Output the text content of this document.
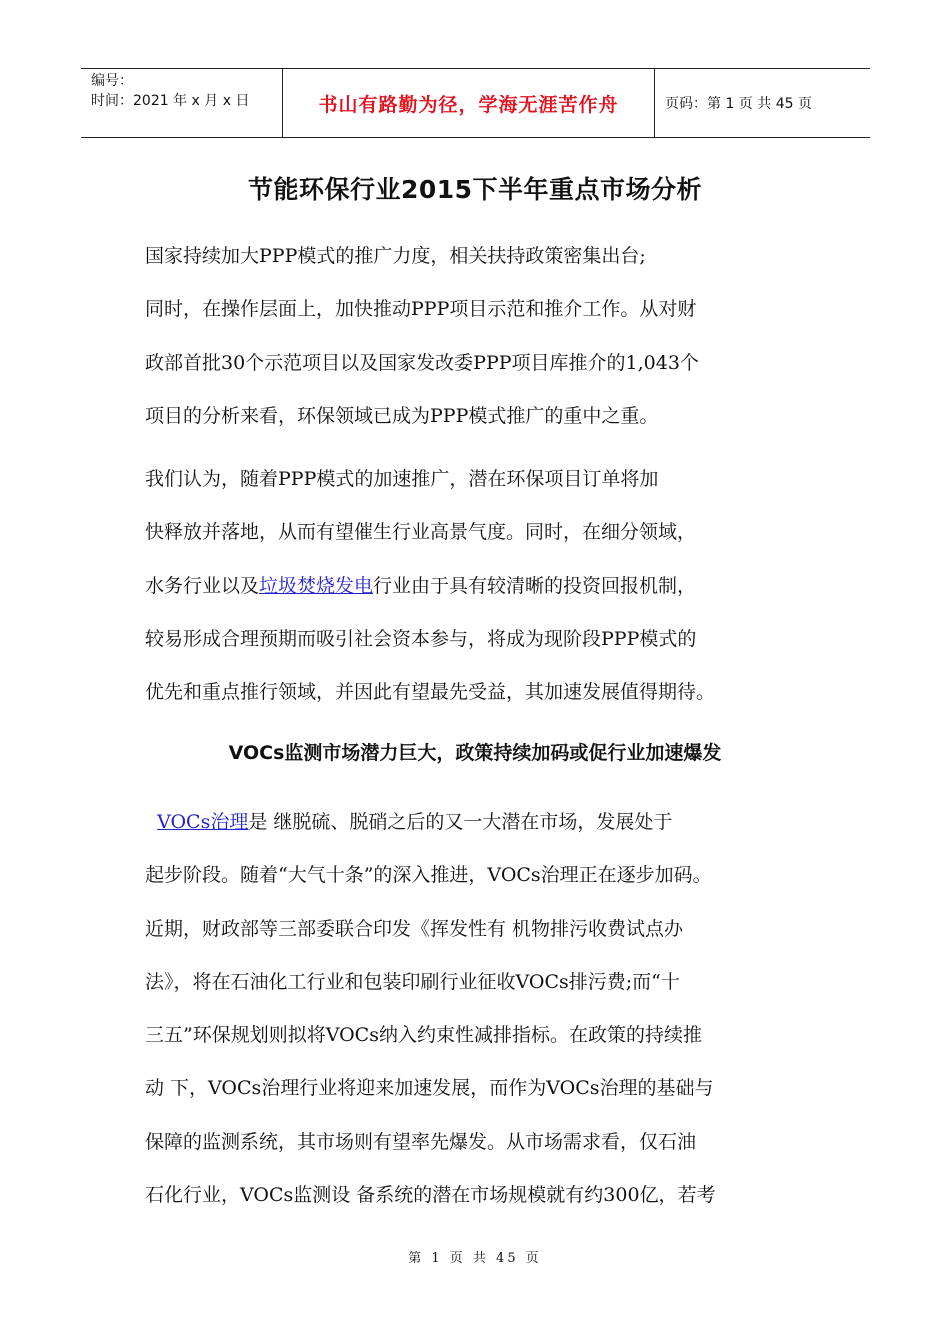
编号：
时间：2021 年 x 月 x 日	书山有路勤为径，学海无涯苦作舟	页码：第 1 页 共 45 页
节能环保行业2015下半年重点市场分析
国家持续加大PPP模式的推广力度，相关扶持政策密集出台;
同时，在操作层面上，加快推动PPP项目示范和推介工作。从对财
政部首批30个示范项目以及国家发改委PPP项目库推介的1,043个
项目的分析来看，环保领域已成为PPP模式推广的重中之重。
我们认为，随着PPP模式的加速推广，潜在环保项目订单将加
快释放并落地，从而有望催生行业高景气度。同时，在细分领域，
水务行业以及垃圾焚烧发电行业由于具有较清晰的投资回报机制，
较易形成合理预期而吸引社会资本参与，将成为现阶段PPP模式的
优先和重点推行领域，并因此有望最先受益，其加速发展值得期待。
VOCs监测市场潜力巨大，政策持续加码或促行业加速爆发
VOCs治理是 继脱硫、脱硝之后的又一大潜在市场，发展处于
起步阶段。随着“大气十条”的深入推进，VOCs治理正在逐步加码。
近期，财政部等三部委联合印发《挥发性有 机物排污收费试点办
法》，将在石油化工行业和包装印刷行业征收VOCs排污费;而“十
三五”环保规划则拟将VOCs纳入约束性减排指标。在政策的持续推
动 下，VOCs治理行业将迎来加速发展，而作为VOCs治理的基础与
保障的监测系统，其市场则有望率先爆发。从市场需求看，仅石油
石化行业，VOCs监测设 备系统的潜在市场规模就有约300亿，若考
第 1 页 共 45 页
